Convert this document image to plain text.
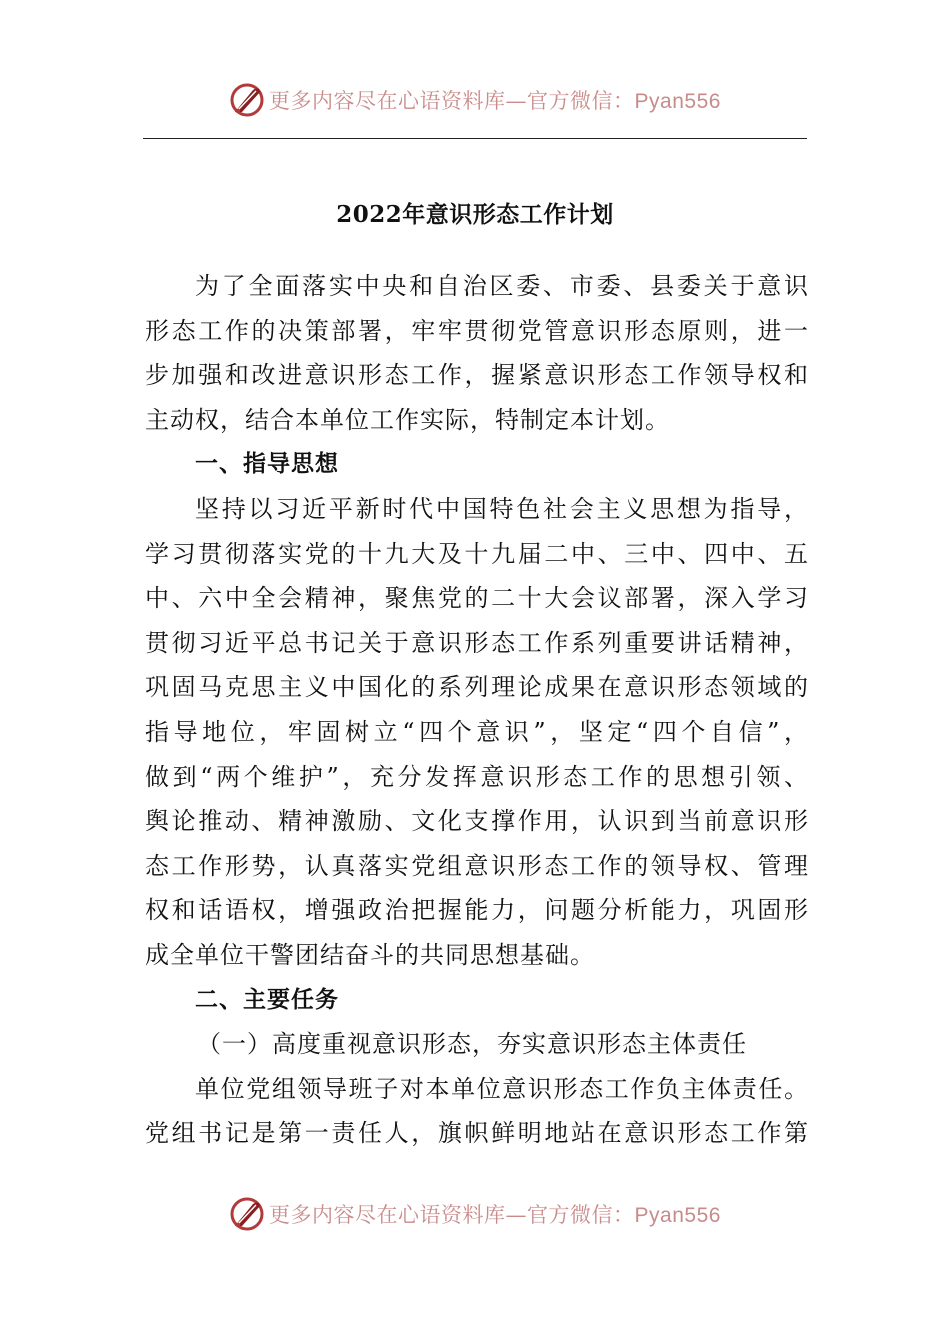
更多内容尽在心语资料库—官方微信：Pyan556
2022年意识形态工作计划
为了全面落实中央和自治区委、市委、县委关于意识
形态工作的决策部署，牢牢贯彻党管意识形态原则，进一
步加强和改进意识形态工作，握紧意识形态工作领导权和
主动权，结合本单位工作实际，特制定本计划。
一、指导思想
坚持以习近平新时代中国特色社会主义思想为指导，
学习贯彻落实党的十九大及十九届二中、三中、四中、五
中、六中全会精神，聚焦党的二十大会议部署，深入学习
贯彻习近平总书记关于意识形态工作系列重要讲话精神，
巩固马克思主义中国化的系列理论成果在意识形态领域的
指导地位，牢固树立“四个意识”，坚定“四个自信”，
做到“两个维护”，充分发挥意识形态工作的思想引领、
舆论推动、精神激励、文化支撑作用，认识到当前意识形
态工作形势，认真落实党组意识形态工作的领导权、管理
权和话语权，增强政治把握能力，问题分析能力，巩固形
成全单位干警团结奋斗的共同思想基础。
二、主要任务
（一）高度重视意识形态，夯实意识形态主体责任
单位党组领导班子对本单位意识形态工作负主体责任。
党组书记是第一责任人，旗帜鲜明地站在意识形态工作第
更多内容尽在心语资料库—官方微信：Pyan556
